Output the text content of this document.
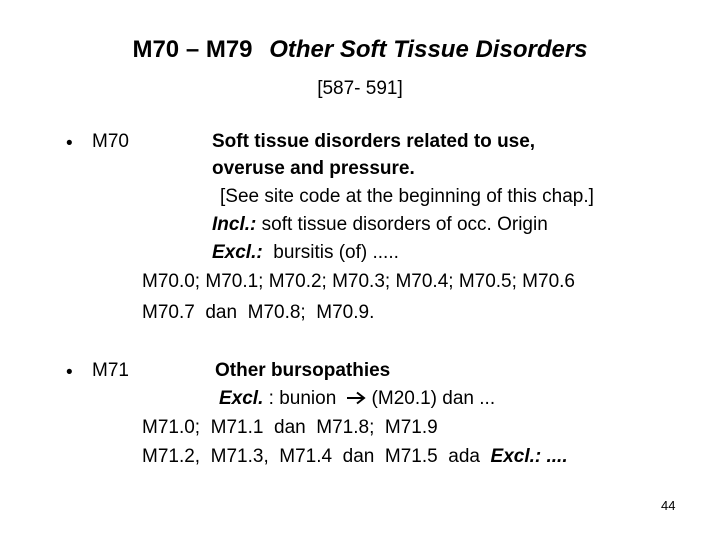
M70 – M79 Other Soft Tissue Disorders
[587- 591]
• M70	Soft tissue disorders related to use,
overuse and pressure.
[See site code at the beginning of this chap.]
Incl.: soft tissue disorders of occ. Origin
Excl.:  bursitis (of) .....
M70.0; M70.1; M70.2; M70.3; M70.4; M70.5; M70.6
M70.7  dan  M70.8;  M70.9.
• M71	Other bursopathies
Excl. : bunion (M20.1) dan ...
M71.0;  M71.1  dan  M71.8;  M71.9
M71.2,  M71.3,  M71.4  dan  M71.5  ada  Excl.: ....
44
